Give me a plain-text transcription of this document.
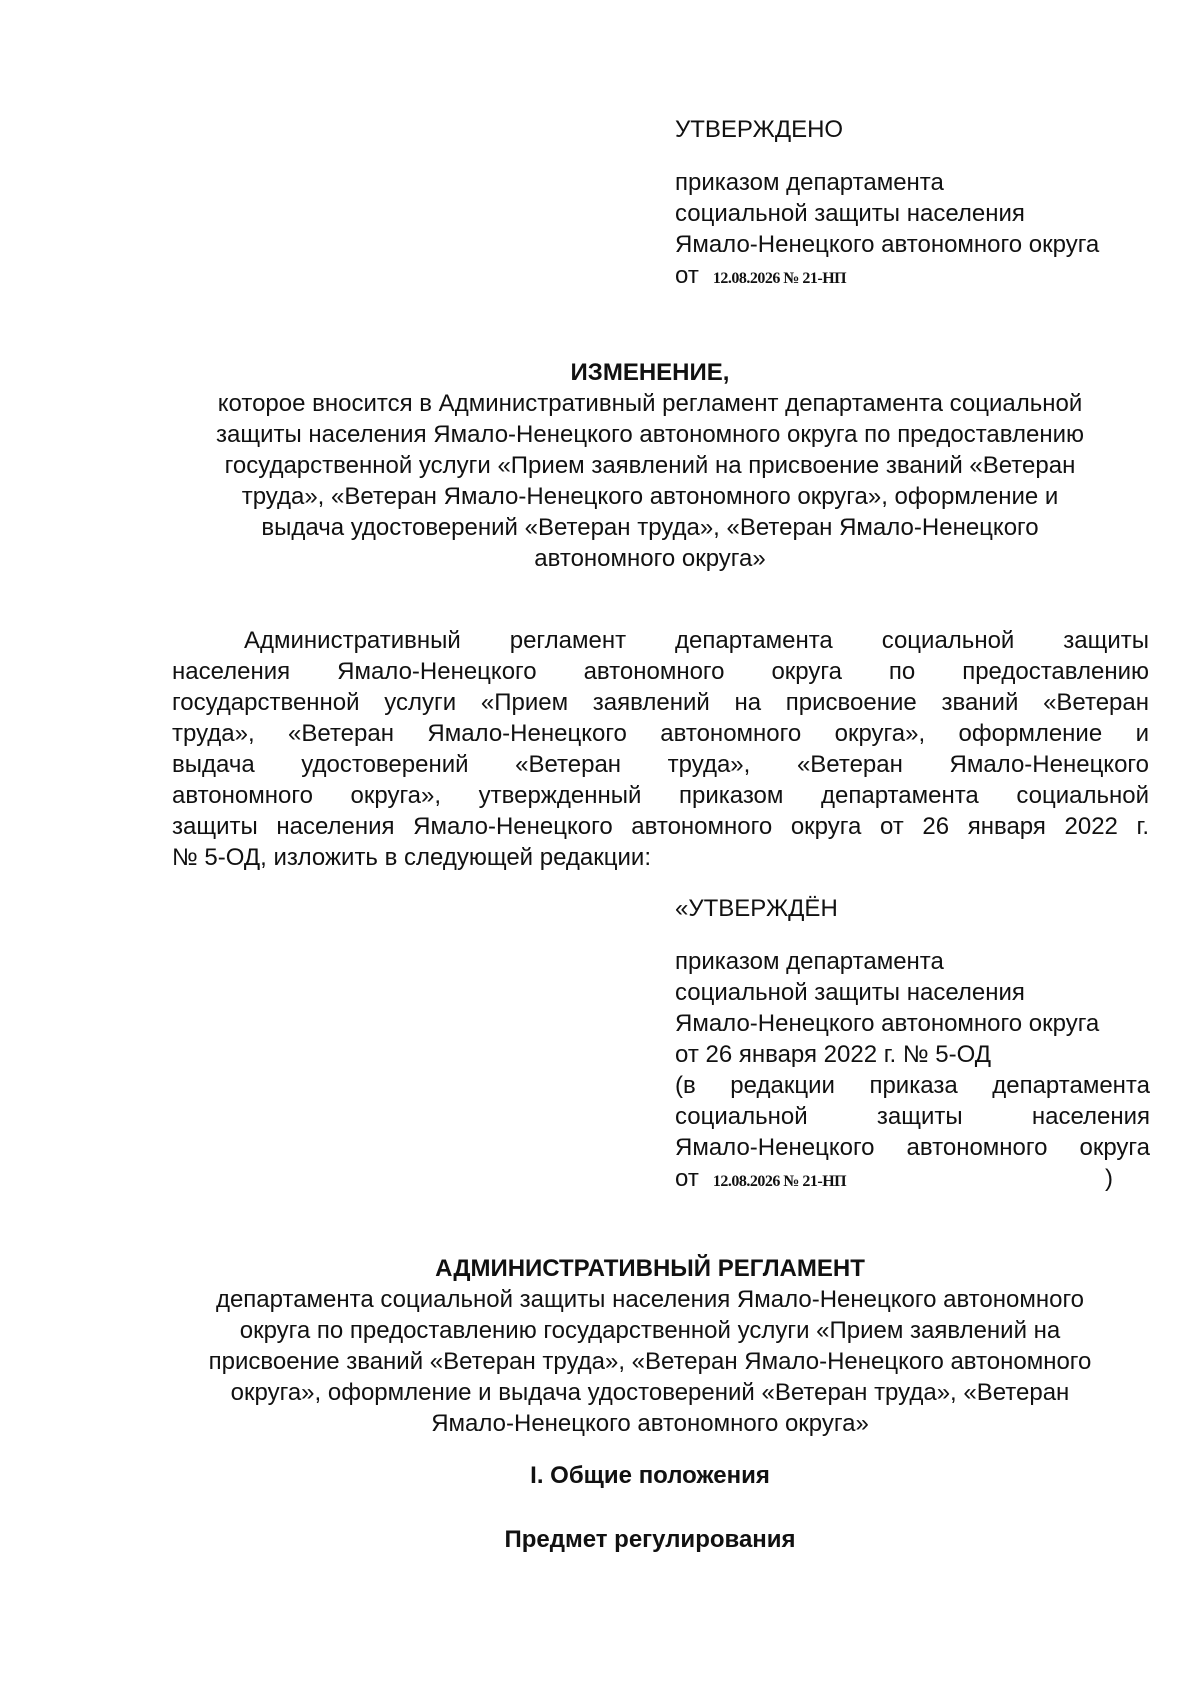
УТВЕРЖДЕНО
приказом департамента
социальной защиты населения
Ямало-Ненецкого автономного округа
от 12.08.2026 № 21-НП
ИЗМЕНЕНИЕ,
которое вносится в Административный регламент департамента социальной
защиты населения Ямало-Ненецкого автономного округа по предоставлению
государственной услуги «Прием заявлений на присвоение званий «Ветеран
труда», «Ветеран Ямало-Ненецкого автономного округа», оформление и
выдача удостоверений «Ветеран труда», «Ветеран Ямало-Ненецкого
автономного округа»
Административный регламент департамента социальной защиты
населения Ямало-Ненецкого автономного округа по предоставлению
государственной услуги «Прием заявлений на присвоение званий «Ветеран
труда», «Ветеран Ямало-Ненецкого автономного округа», оформление и
выдача удостоверений «Ветеран труда», «Ветеран Ямало-Ненецкого
автономного округа», утвержденный приказом департамента социальной
защиты населения Ямало-Ненецкого автономного округа от 26 января 2022 г.
№ 5-ОД, изложить в следующей редакции:
«УТВЕРЖДЁН
приказом департамента
социальной защиты населения
Ямало-Ненецкого автономного округа
от 26 января 2022 г. № 5-ОД
(в редакции приказа департамента
социальной защиты населения
Ямало-Ненецкого автономного округа
от 12.08.2026 № 21-НП	)
АДМИНИСТРАТИВНЫЙ РЕГЛАМЕНТ
департамента социальной защиты населения Ямало-Ненецкого автономного
округа по предоставлению государственной услуги «Прием заявлений на
присвоение званий «Ветеран труда», «Ветеран Ямало-Ненецкого автономного
округа», оформление и выдача удостоверений «Ветеран труда», «Ветеран
Ямало-Ненецкого автономного округа»
I. Общие положения
Предмет регулирования
